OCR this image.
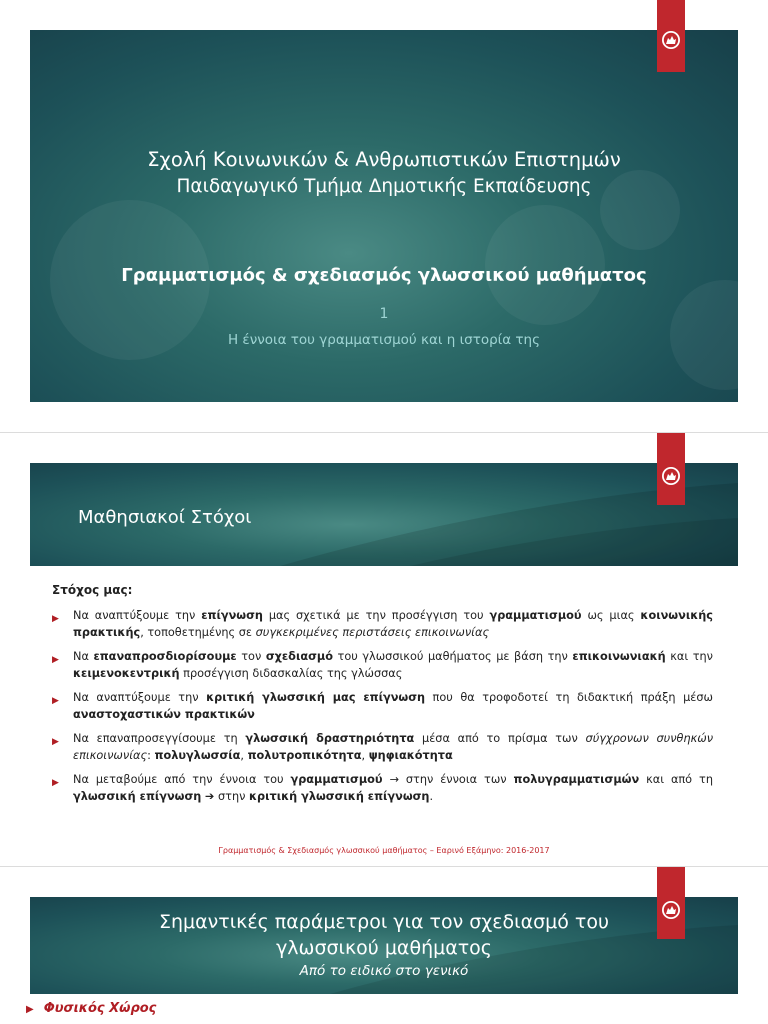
Σχολή Κοινωνικών & Ανθρωπιστικών Επιστημών
Παιδαγωγικό Τμήμα Δημοτικής Εκπαίδευσης
Γραμματισμός & σχεδιασμός γλωσσικού μαθήματος
1
Η έννοια του γραμματισμού και η ιστορία της
Μαθησιακοί Στόχοι
Στόχος μας:
▶ Να αναπτύξουμε την επίγνωση μας σχετικά με την προσέγγιση του γραμματισμού ως μιας κοινωνικής πρακτικής, τοποθετημένης σε συγκεκριμένες περιστάσεις επικοινωνίας
▶ Να επαναπροσδιορίσουμε τον σχεδιασμό του γλωσσικού μαθήματος με βάση την επικοινωνιακή και την κειμενοκεντρική προσέγγιση διδασκαλίας της γλώσσας
▶ Να αναπτύξουμε την κριτική γλωσσική μας επίγνωση που θα τροφοδοτεί τη διδακτική πράξη μέσω αναστοχαστικών πρακτικών
▶ Να επαναπροσεγγίσουμε τη γλωσσική δραστηριότητα μέσα από το πρίσμα των σύγχρονων συνθηκών επικοινωνίας: πολυγλωσσία, πολυτροπικότητα, ψηφιακότητα
▶ Να μεταβούμε από την έννοια του γραμματισμού → στην έννοια των πολυγραμματισμών και από τη γλωσσική επίγνωση ➔ στην κριτική γλωσσική επίγνωση.
Γραμματισμός & Σχεδιασμός γλωσσικού μαθήματος – Εαρινό Εξάμηνο: 2016-2017
Σημαντικές παράμετροι για τον σχεδιασμό του
γλωσσικού μαθήματος
Από το ειδικό στο γενικό
▶ Φυσικός Χώρος
